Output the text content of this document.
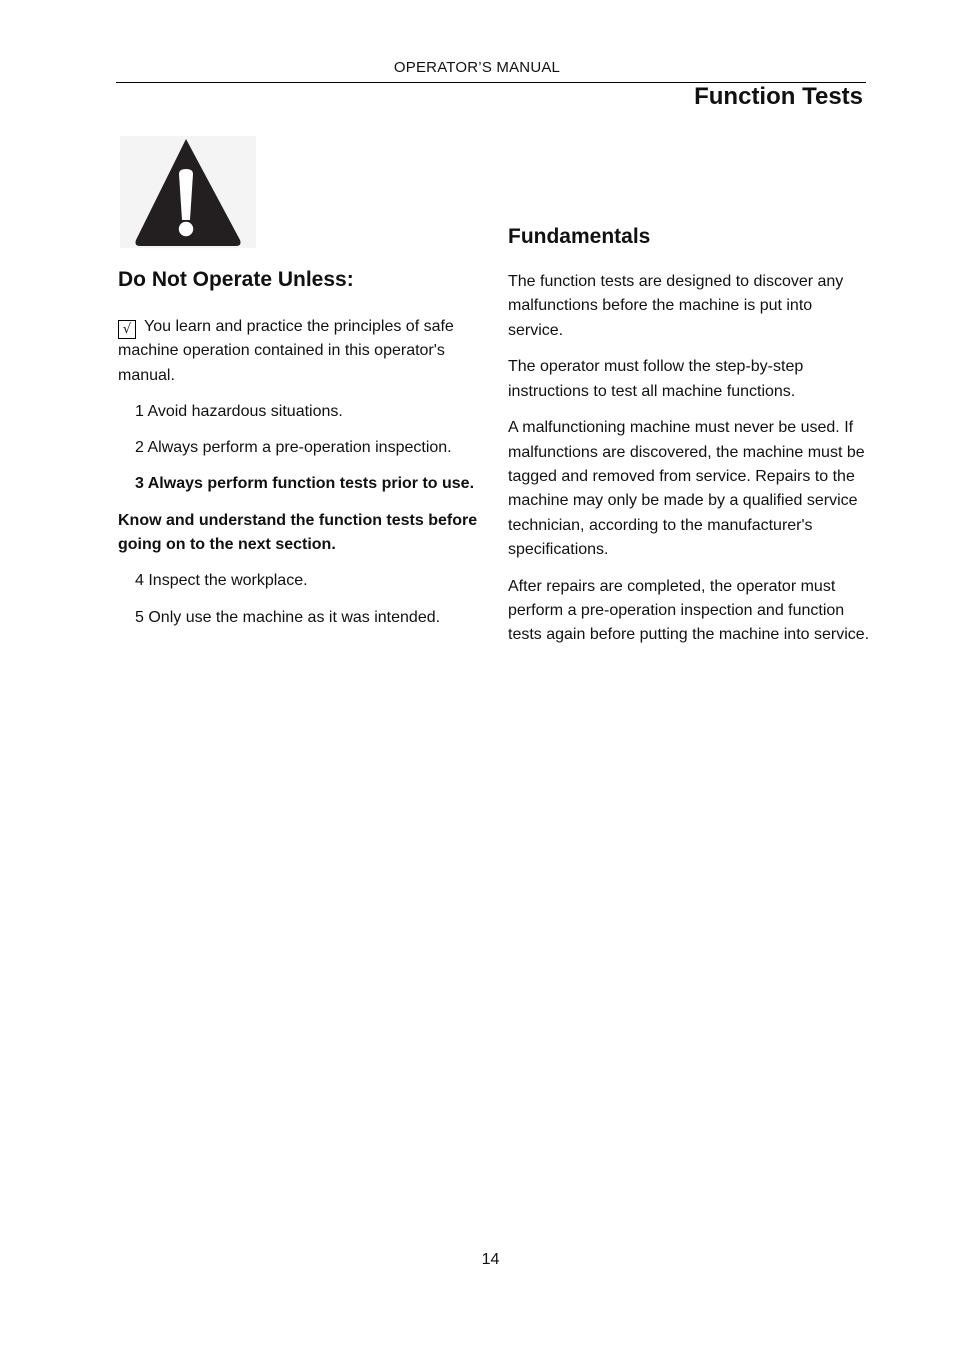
OPERATOR’S MANUAL
Function Tests
Do Not Operate Unless:

√ You learn and practice the principles of safe machine operation contained in this operator's manual.

1 Avoid hazardous situations.

2 Always perform a pre-operation inspection.

3 Always perform function tests prior to use.

Know and understand the function tests before going on to the next section.

4 Inspect the workplace.

5 Only use the machine as it was intended.

Fundamentals

The function tests are designed to discover any malfunctions before the machine is put into service.

The operator must follow the step-by-step instructions to test all machine functions.

A malfunctioning machine must never be used. If malfunctions are discovered, the machine must be tagged and removed from service. Repairs to the machine may only be made by a qualified service technician, according to the manufacturer's specifications.

After repairs are completed, the operator must perform a pre-operation inspection and function tests again before putting the machine into service.

14
